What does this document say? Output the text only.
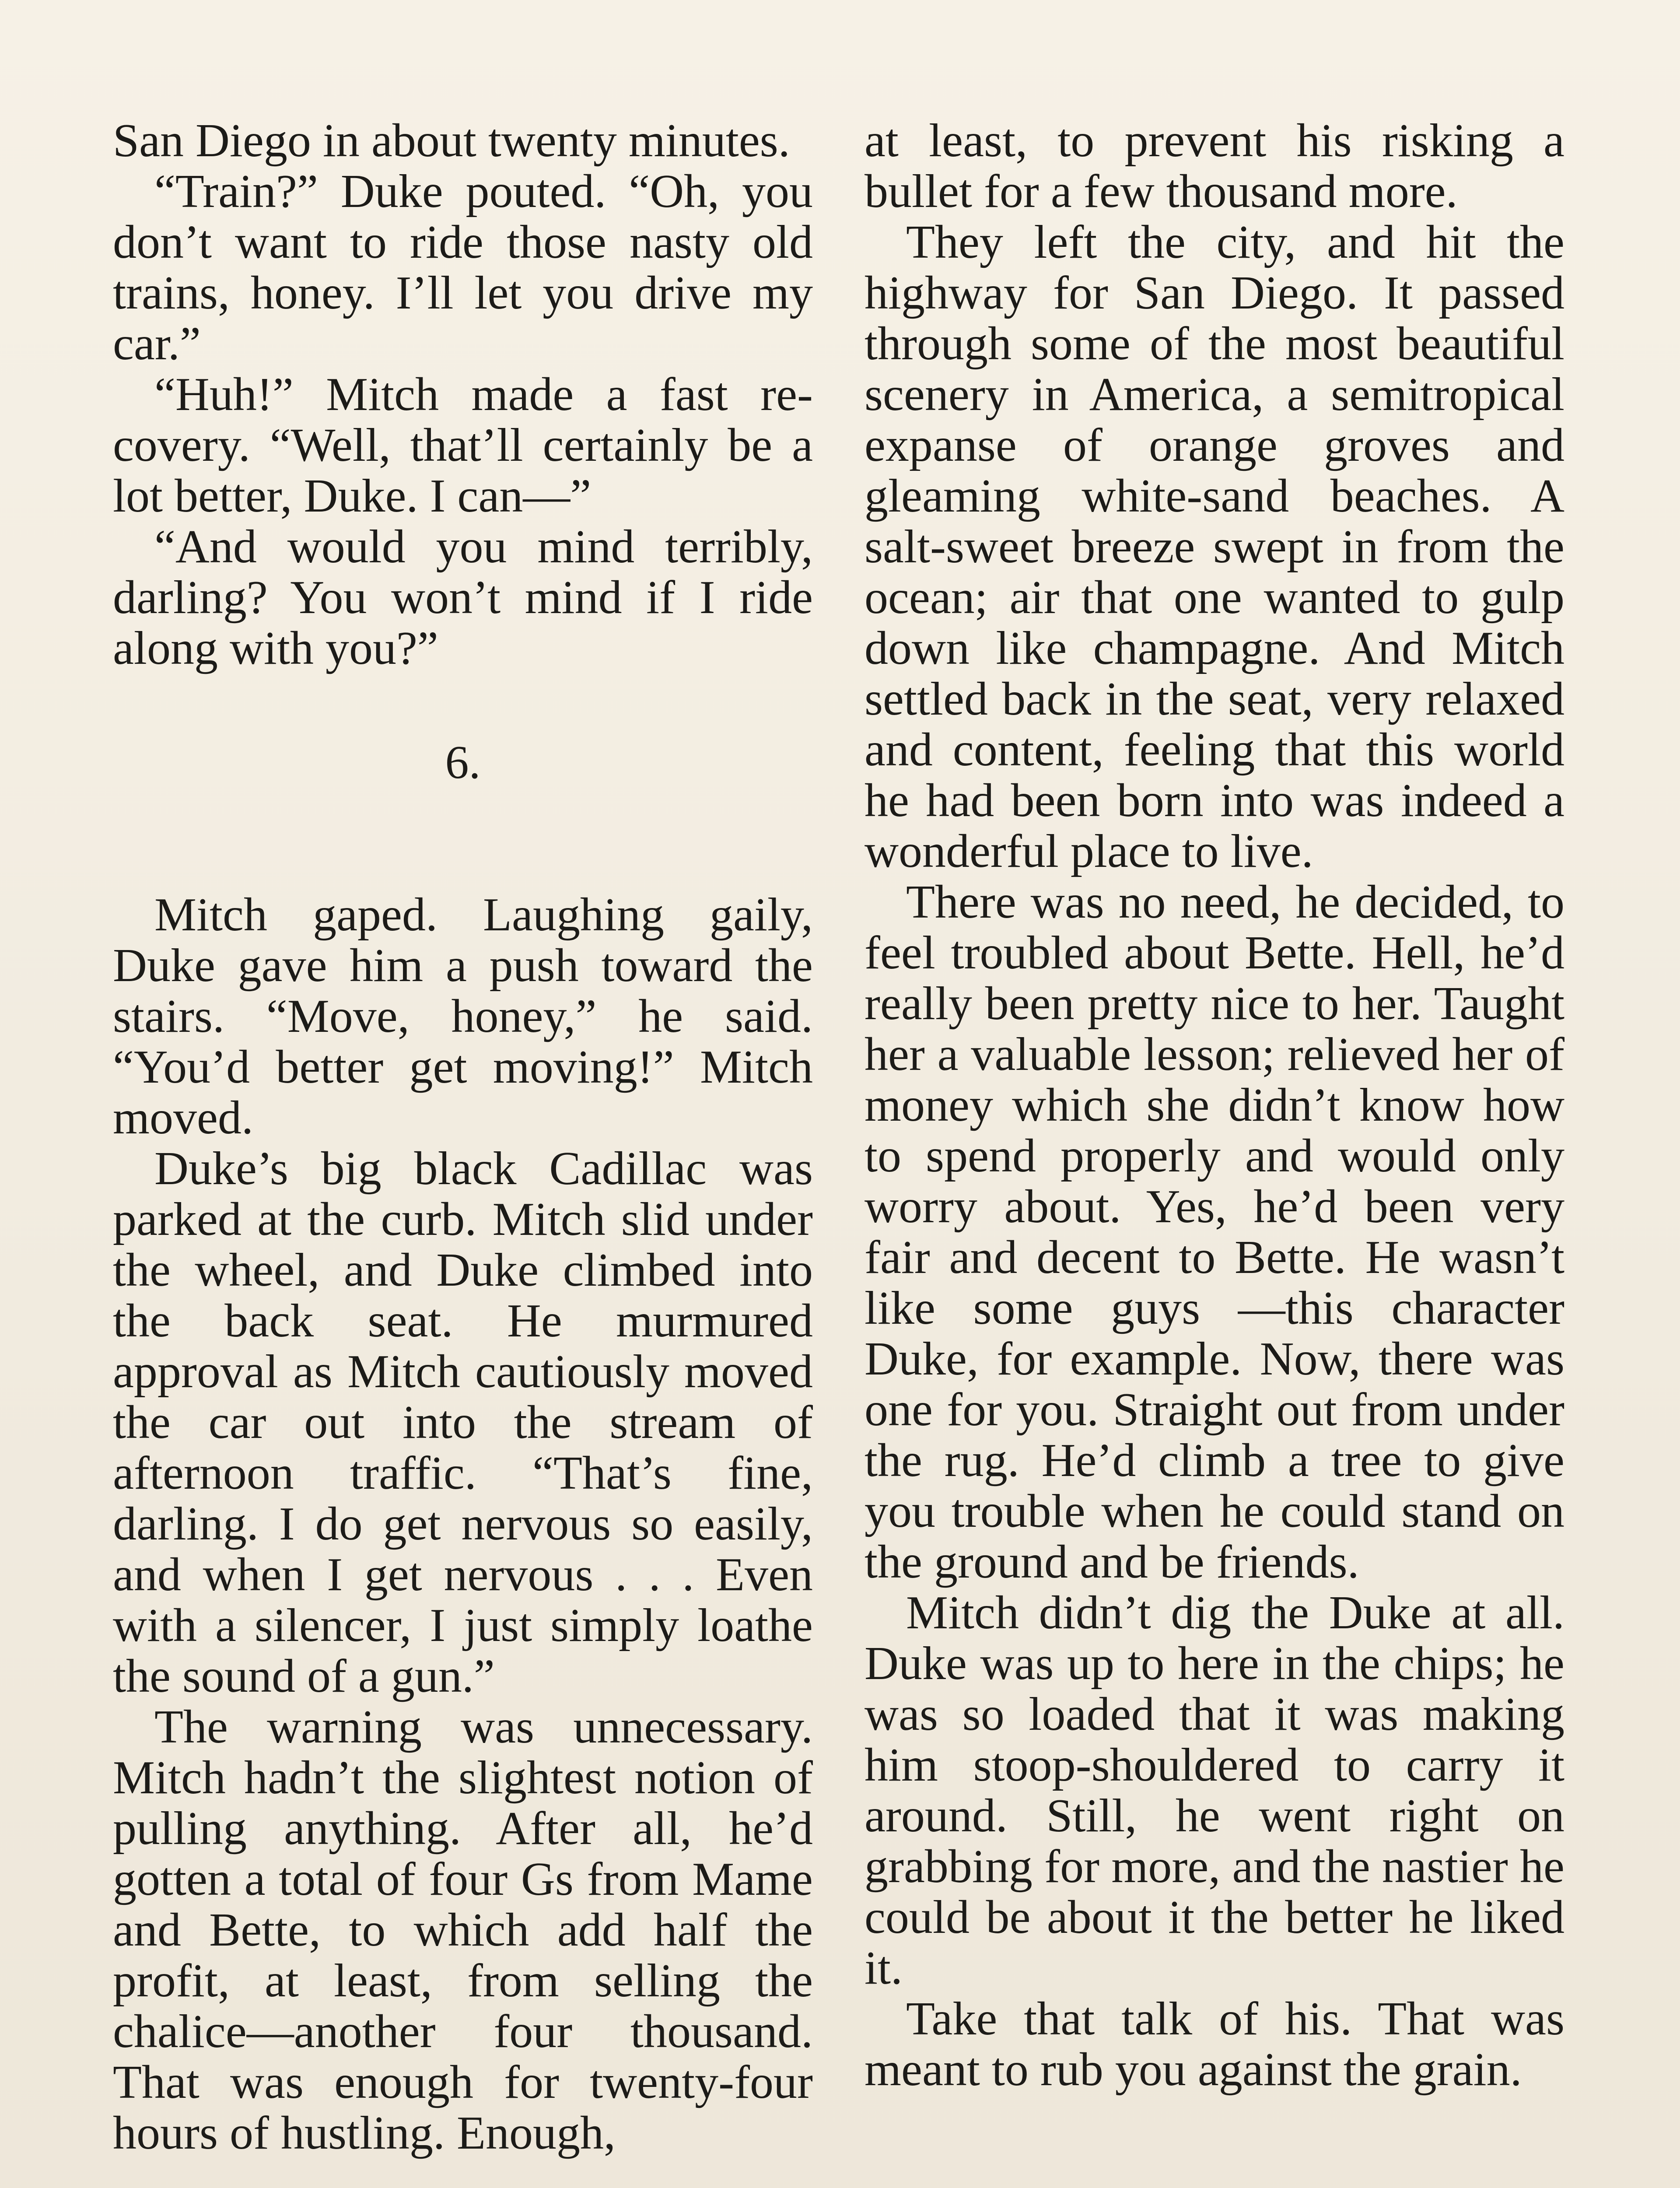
San Diego in about twenty minutes.

“Train?” Duke pouted. “Oh, you don’t want to ride those nasty old trains, honey. I’ll let you drive my car.”

“Huh!” Mitch made a fast recovery. “Well, that’ll certainly be a lot better, Duke. I can—”

“And would you mind terribly, darling? You won’t mind if I ride along with you?”

6.

Mitch gaped. Laughing gaily, Duke gave him a push toward the stairs. “Move, honey,” he said. “You’d better get moving!” Mitch moved.

Duke’s big black Cadillac was parked at the curb. Mitch slid under the wheel, and Duke climbed into the back seat. He murmured approval as Mitch cautiously moved the car out into the stream of afternoon traffic. “That’s fine, darling. I do get nervous so easily, and when I get nervous . . . Even with a silencer, I just simply loathe the sound of a gun.”

The warning was unnecessary. Mitch hadn’t the slightest notion of pulling anything. After all, he’d gotten a total of four Gs from Mame and Bette, to which add half the profit, at least, from selling the chalice—another four thousand. That was enough for twenty-four hours of hustling. Enough,

at least, to prevent his risking a bullet for a few thousand more.

They left the city, and hit the highway for San Diego. It passed through some of the most beautiful scenery in America, a semitropical expanse of orange groves and gleaming white-sand beaches. A salt-sweet breeze swept in from the ocean; air that one wanted to gulp down like champagne. And Mitch settled back in the seat, very relaxed and content, feeling that this world he had been born into was indeed a wonderful place to live.

There was no need, he decided, to feel troubled about Bette. Hell, he’d really been pretty nice to her. Taught her a valuable lesson; relieved her of money which she didn’t know how to spend properly and would only worry about. Yes, he’d been very fair and decent to Bette. He wasn’t like some guys —this character Duke, for example. Now, there was one for you. Straight out from under the rug. He’d climb a tree to give you trouble when he could stand on the ground and be friends.

Mitch didn’t dig the Duke at all. Duke was up to here in the chips; he was so loaded that it was making him stoop-shouldered to carry it around. Still, he went right on grabbing for more, and the nastier he could be about it the better he liked it.

Take that talk of his. That was meant to rub you against the grain.
